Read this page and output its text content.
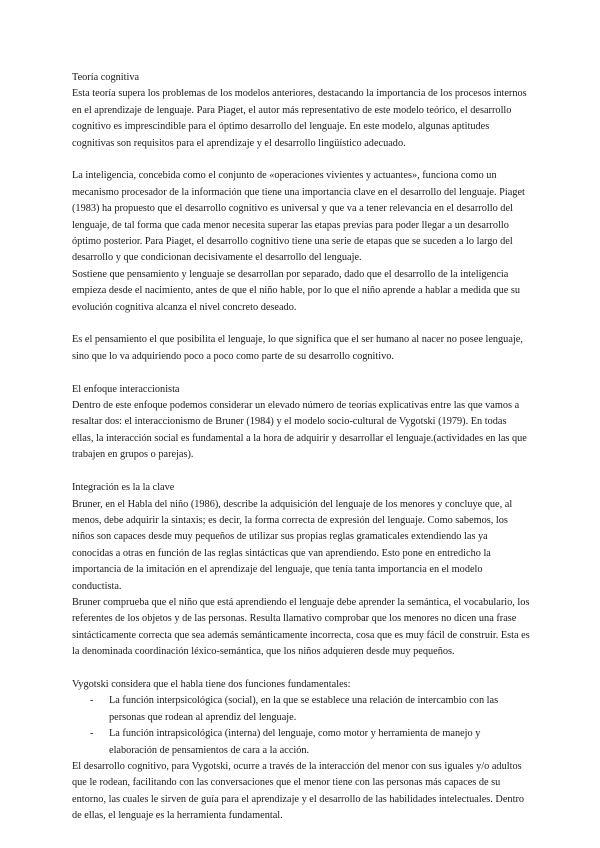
Teoría cognitiva

Esta teoría supera los problemas de los modelos anteriores, destacando la importancia de los procesos internos en el aprendizaje de lenguaje. Para Piaget, el autor más representativo de este modelo teórico, el desarrollo cognitivo es imprescindible para el óptimo desarrollo del lenguaje. En este modelo, algunas aptitudes cognitivas son requisitos para el aprendizaje y el desarrollo lingüístico adecuado.

La inteligencia, concebida como el conjunto de «operaciones vivientes y actuantes», funciona como un mecanismo procesador de la información que tiene una importancia clave en el desarrollo del lenguaje. Piaget (1983) ha propuesto que el desarrollo cognitivo es universal y que va a tener relevancia en el desarrollo del lenguaje, de tal forma que cada menor necesita superar las etapas previas para poder llegar a un desarrollo óptimo posterior. Para Piaget, el desarrollo cognitivo tiene una serie de etapas que se suceden a lo largo del desarrollo y que condicionan decisivamente el desarrollo del lenguaje.

Sostiene que pensamiento y lenguaje se desarrollan por separado, dado que el desarrollo de la inteligencia empieza desde el nacimiento, antes de que el niño hable, por lo que el niño aprende a hablar a medida que su evolución cognitiva alcanza el nivel concreto deseado.

Es el pensamiento el que posibilita el lenguaje, lo que significa que el ser humano al nacer no posee lenguaje, sino que lo va adquiriendo poco a poco como parte de su desarrollo cognitivo.

El enfoque interaccionista

Dentro de este enfoque podemos considerar un elevado número de teorías explicativas entre las que vamos a resaltar dos: el interaccionismo de Bruner (1984) y el modelo socio-cultural de Vygotski (1979). En todas ellas, la interacción social es fundamental a la hora de adquirir y desarrollar el lenguaje.(actividades en las que trabajen en grupos o parejas).

Integración es la la clave

Bruner, en el Habla del niño (1986), describe la adquisición del lenguaje de los menores y concluye que, al menos, debe adquirir la sintaxis; es decir, la forma correcta de expresión del lenguaje. Como sabemos, los niños son capaces desde muy pequeños de utilizar sus propias reglas gramaticales extendiendo las ya conocidas a otras en función de las reglas sintácticas que van aprendiendo. Esto pone en entredicho la importancia de la imitación en el aprendizaje del lenguaje, que tenía tanta importancia en el modelo conductista.

Bruner comprueba que el niño que está aprendiendo el lenguaje debe aprender la semántica, el vocabulario, los referentes de los objetos y de las personas. Resulta llamativo comprobar que los menores no dicen una frase sintácticamente correcta que sea además semánticamente incorrecta, cosa que es muy fácil de construir. Esta es la denominada coordinación léxico-semántica, que los niños adquieren desde muy pequeños.

Vygotski considera que el habla tiene dos funciones fundamentales:

- La función interpsicológica (social), en la que se establece una relación de intercambio con las personas que rodean al aprendiz del lenguaje.
- La función intrapsicológica (interna) del lenguaje, como motor y herramienta de manejo y elaboración de pensamientos de cara a la acción.

El desarrollo cognitivo, para Vygotski, ocurre a través de la interacción del menor con sus iguales y/o adultos que le rodean, facilitando con las conversaciones que el menor tiene con las personas más capaces de su entorno, las cuales le sirven de guía para el aprendizaje y el desarrollo de las habilidades intelectuales. Dentro de ellas, el lenguaje es la herramienta fundamental.
